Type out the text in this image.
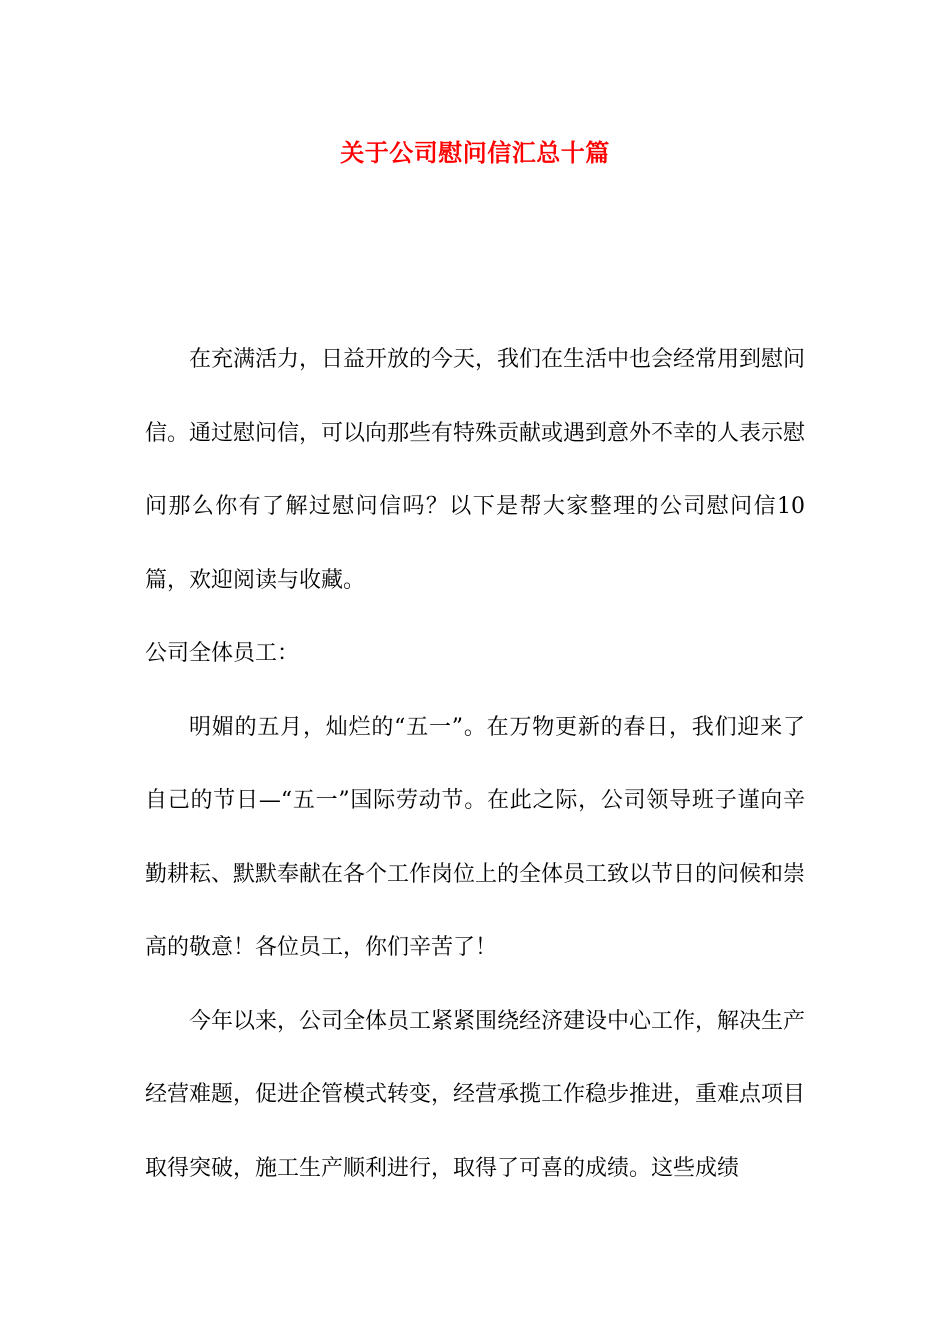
关于公司慰问信汇总十篇

在充满活力，日益开放的今天，我们在生活中也会经常用到慰问信。通过慰问信，可以向那些有特殊贡献或遇到意外不幸的人表示慰问那么你有了解过慰问信吗？以下是帮大家整理的公司慰问信10篇，欢迎阅读与收藏。

公司全体员工：

明媚的五月，灿烂的“五一”。在万物更新的春日，我们迎来了自己的节日—“五一”国际劳动节。在此之际，公司领导班子谨向辛勤耕耘、默默奉献在各个工作岗位上的全体员工致以节日的问候和崇高的敬意！各位员工，你们辛苦了！

今年以来，公司全体员工紧紧围绕经济建设中心工作，解决生产经营难题，促进企管模式转变，经营承揽工作稳步推进，重难点项目取得突破，施工生产顺利进行，取得了可喜的成绩。这些成绩
